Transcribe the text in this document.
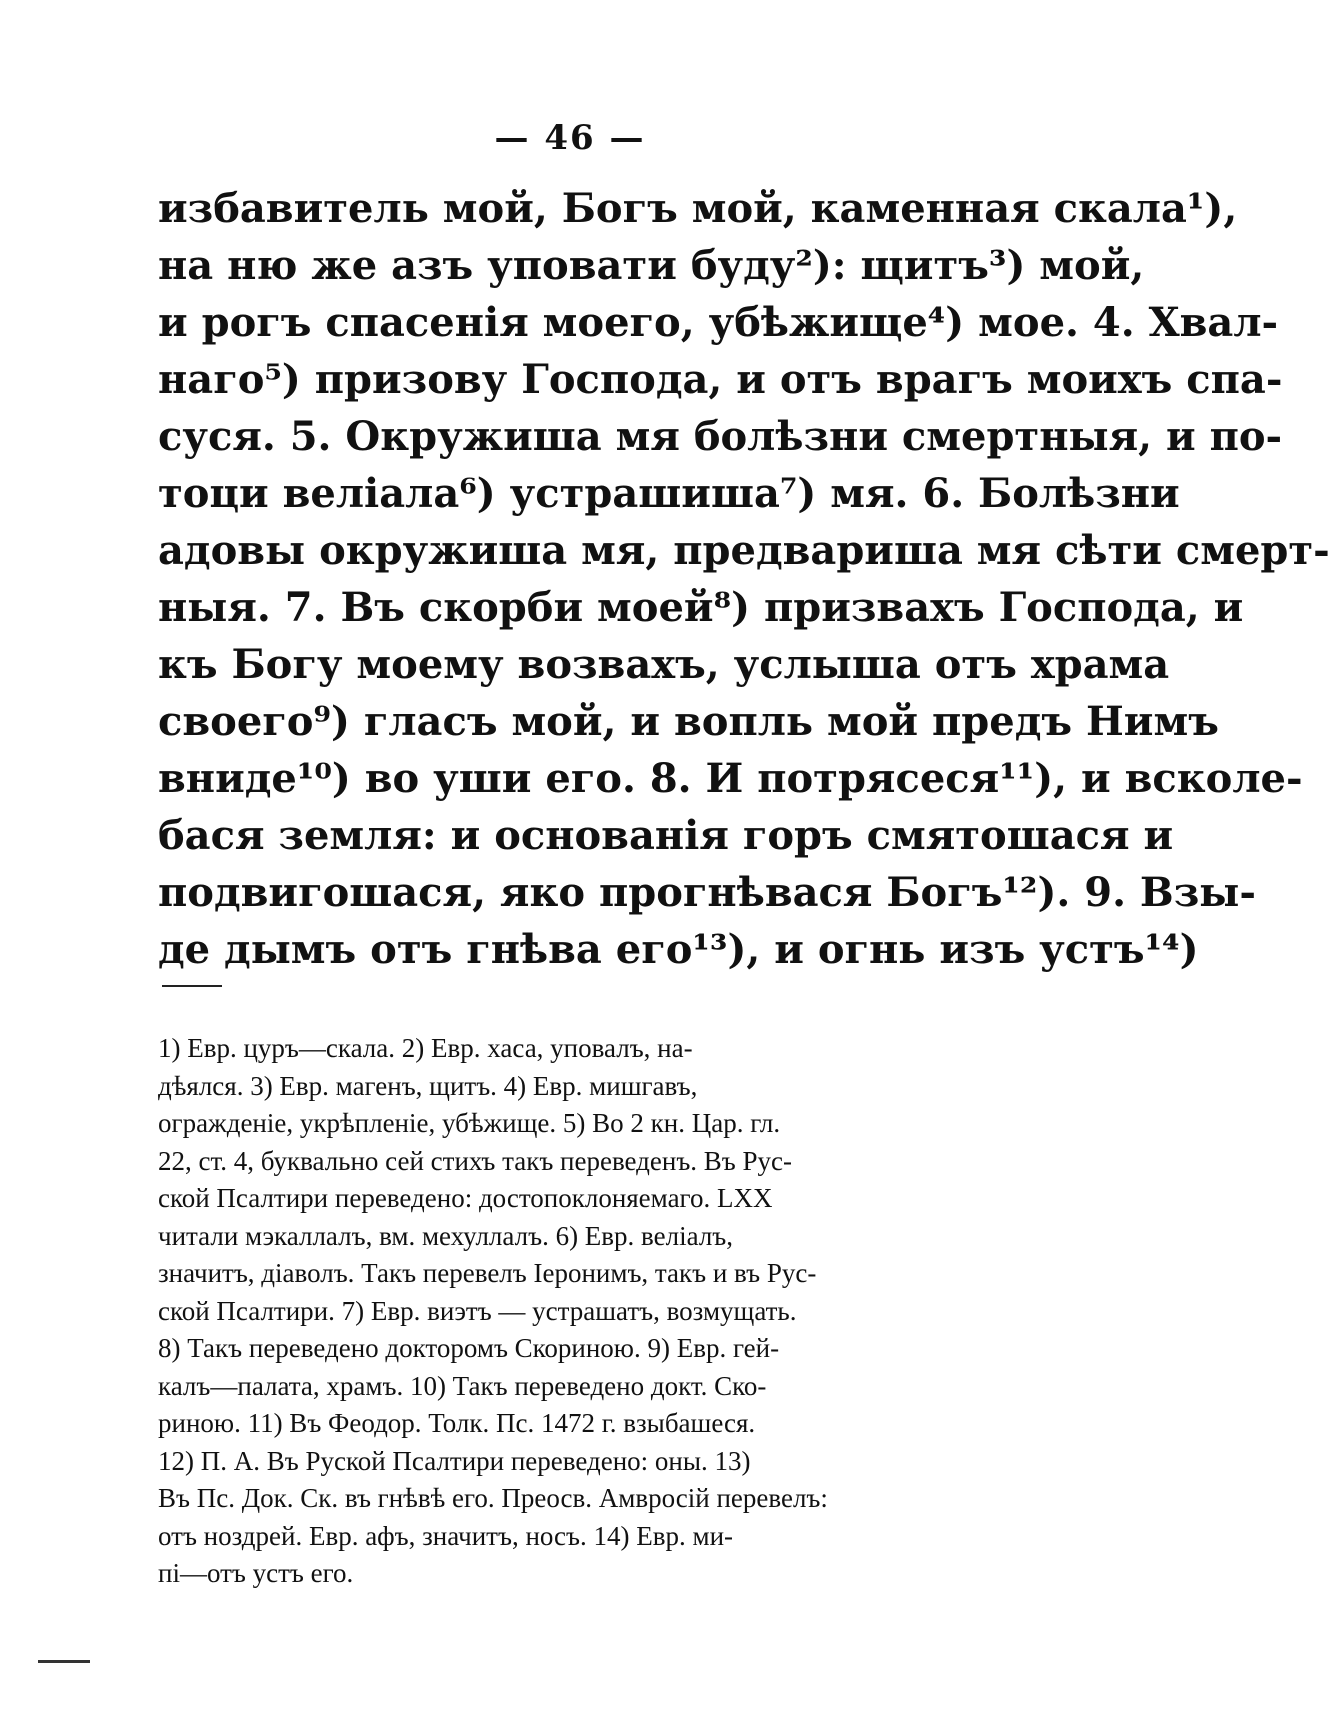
— 46 —
избавитель мой, Богъ мой, каменная скала¹),
на ню же азъ уповати буду²): щитъ³) мой,
и рогъ спасенія моего, убѣжище⁴) мое. 4. Хвал-
наго⁵) призову Господа, и отъ врагъ моихъ спа-
суся. 5. Окружиша мя болѣзни смертныя, и по-
тоци веліала⁶) устрашиша⁷) мя. 6. Болѣзни
адовы окружиша мя, предвариша мя сѣти смерт-
ныя. 7. Въ скорби моей⁸) призвахъ Господа, и
къ Богу моему возвахъ, услыша отъ храма
своего⁹) гласъ мой, и вопль мой предъ Нимъ
внидe¹⁰) во уши его. 8. И потрясеся¹¹), и всколе-
бася земля: и основанія горъ смятошася и
подвигошася, яко прогнѣвася Богъ¹²). 9. Взы-
де дымъ отъ гнѣва его¹³), и огнь изъ устъ¹⁴)
1) Евр. цуръ—скала. 2) Евр. хаса, уповалъ, на-
дѣялся. 3) Евр. магенъ, щитъ. 4) Евр. мишгавъ,
огражденіе, укрѣпленіе, убѣжище. 5) Во 2 кн. Цар. гл.
22, ст. 4, буквально сей стихъ такъ переведенъ. Въ Рус-
ской Псалтири переведено: достопоклоняемаго. LXX
читали мэкаллалъ, вм. мехуллалъ. 6) Евр. веліалъ,
значитъ, діаволъ. Такъ перевелъ Іеронимъ, такъ и въ Рус-
ской Псалтири. 7) Евр. виэтъ — устрашатъ, возмущать.
8) Такъ переведено докторомъ Скориною. 9) Евр. гей-
калъ—палата, храмъ. 10) Такъ переведено докт. Ско-
риною. 11) Въ Феодор. Толк. Пс. 1472 г. взыбашеся.
12) П. А. Въ Руской Псалтири переведено: оны. 13)
Въ Пс. Док. Ск. въ гнѣвѣ его. Преосв. Амвросій перевелъ:
отъ ноздрей. Евр. афъ, значитъ, носъ. 14) Евр. ми-
пі—отъ устъ его.
